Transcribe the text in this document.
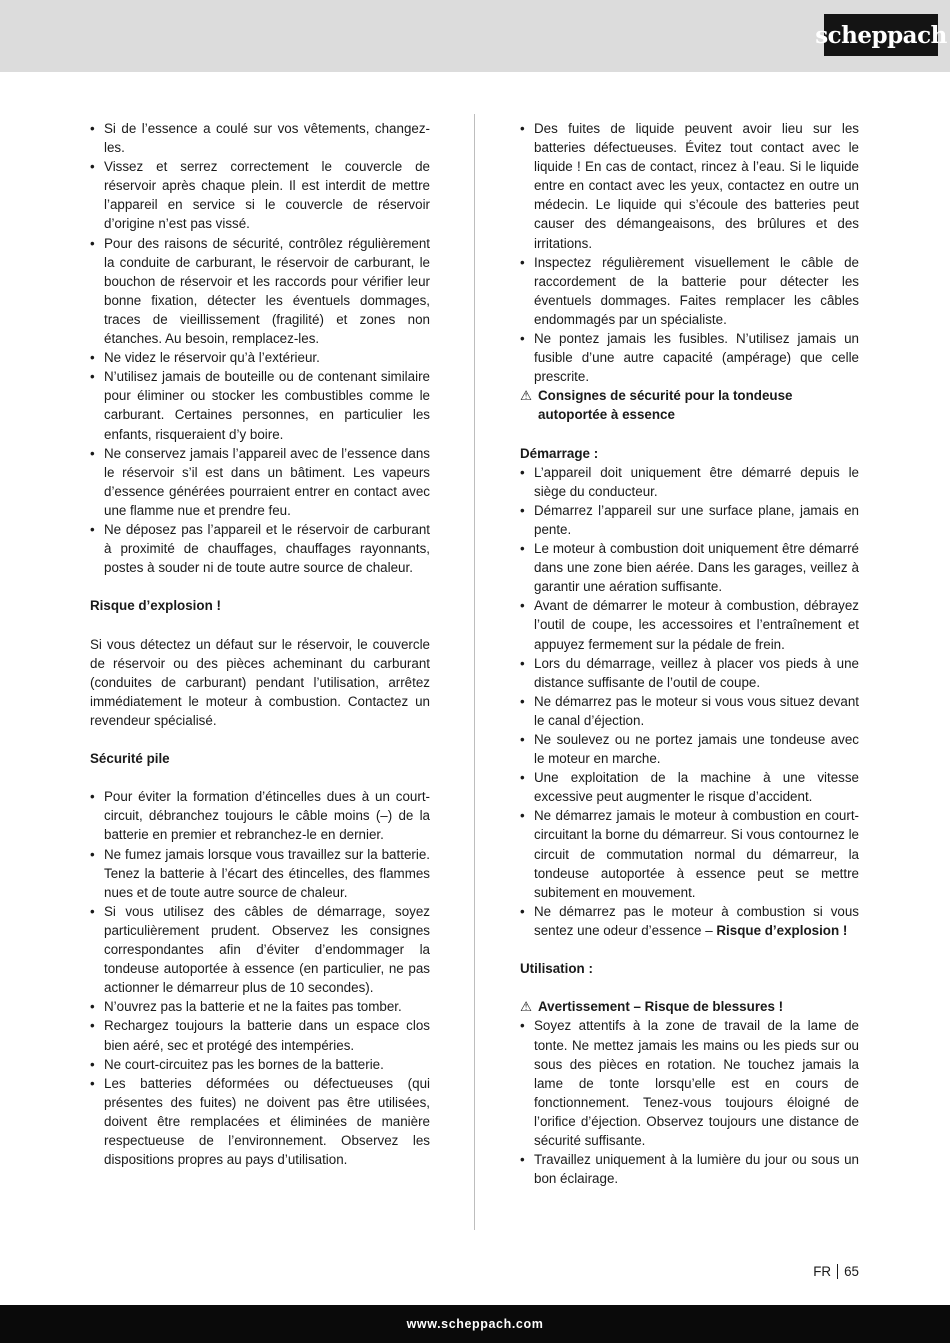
scheppach
• Si de l’essence a coulé sur vos vêtements, changez-les.
• Vissez et serrez correctement le couvercle de réservoir après chaque plein. Il est interdit de mettre l’appareil en service si le couvercle de réservoir d’origine n’est pas vissé.
• Pour des raisons de sécurité, contrôlez régulièrement la conduite de carburant, le réservoir de carburant, le bouchon de réservoir et les raccords pour vérifier leur bonne fixation, détecter les éventuels dommages, traces de vieillissement (fragilité) et zones non étanches. Au besoin, remplacez-les.
• Ne videz le réservoir qu’à l’extérieur.
• N’utilisez jamais de bouteille ou de contenant similaire pour éliminer ou stocker les combustibles comme le carburant. Certaines personnes, en particulier les enfants, risqueraient d’y boire.
• Ne conservez jamais l’appareil avec de l’essence dans le réservoir s’il est dans un bâtiment. Les vapeurs d’essence générées pourraient entrer en contact avec une flamme nue et prendre feu.
• Ne déposez pas l’appareil et le réservoir de carburant à proximité de chauffages, chauffages rayonnants, postes à souder ni de toute autre source de chaleur.

Risque d’explosion !

Si vous détectez un défaut sur le réservoir, le couvercle de réservoir ou des pièces acheminant du carburant (conduites de carburant) pendant l’utilisation, arrêtez immédiatement le moteur à combustion. Contactez un revendeur spécialisé.

Sécurité pile

• Pour éviter la formation d’étincelles dues à un court-circuit, débranchez toujours le câble moins (–) de la batterie en premier et rebranchez-le en dernier.
• Ne fumez jamais lorsque vous travaillez sur la batterie. Tenez la batterie à l’écart des étincelles, des flammes nues et de toute autre source de chaleur.
• Si vous utilisez des câbles de démarrage, soyez particulièrement prudent. Observez les consignes correspondantes afin d’éviter d’endommager la tondeuse autoportée à essence (en particulier, ne pas actionner le démarreur plus de 10 secondes).
• N’ouvrez pas la batterie et ne la faites pas tomber.
• Rechargez toujours la batterie dans un espace clos bien aéré, sec et protégé des intempéries.
• Ne court-circuitez pas les bornes de la batterie.
• Les batteries déformées ou défectueuses (qui présentes des fuites) ne doivent pas être utilisées, doivent être remplacées et éliminées de manière respectueuse de l’environnement. Observez les dispositions propres au pays d’utilisation.
• Des fuites de liquide peuvent avoir lieu sur les batteries défectueuses. Évitez tout contact avec le liquide ! En cas de contact, rincez à l’eau. Si le liquide entre en contact avec les yeux, contactez en outre un médecin. Le liquide qui s’écoule des batteries peut causer des démangeaisons, des brûlures et des irritations.
• Inspectez régulièrement visuellement le câble de raccordement de la batterie pour détecter les éventuels dommages. Faites remplacer les câbles endommagés par un spécialiste.
• Ne pontez jamais les fusibles. N’utilisez jamais un fusible d’une autre capacité (ampérage) que celle prescrite.

⚠ Consignes de sécurité pour la tondeuse autoportée à essence

Démarrage :

• L’appareil doit uniquement être démarré depuis le siège du conducteur.
• Démarrez l’appareil sur une surface plane, jamais en pente.
• Le moteur à combustion doit uniquement être démarré dans une zone bien aérée. Dans les garages, veillez à garantir une aération suffisante.
• Avant de démarrer le moteur à combustion, débrayez l’outil de coupe, les accessoires et l’entraînement et appuyez fermement sur la pédale de frein.
• Lors du démarrage, veillez à placer vos pieds à une distance suffisante de l’outil de coupe.
• Ne démarrez pas le moteur si vous vous situez devant le canal d’éjection.
• Ne soulevez ou ne portez jamais une tondeuse avec le moteur en marche.
• Une exploitation de la machine à une vitesse excessive peut augmenter le risque d’accident.
• Ne démarrez jamais le moteur à combustion en court-circuitant la borne du démarreur. Si vous contournez le circuit de commutation normal du démarreur, la tondeuse autoportée à essence peut se mettre subitement en mouvement.
• Ne démarrez pas le moteur à combustion si vous sentez une odeur d’essence – Risque d’explosion !

Utilisation :

⚠ Avertissement – Risque de blessures !

• Soyez attentifs à la zone de travail de la lame de tonte. Ne mettez jamais les mains ou les pieds sur ou sous des pièces en rotation. Ne touchez jamais la lame de tonte lorsqu’elle est en cours de fonctionnement. Tenez-vous toujours éloigné de l’orifice d’éjection. Observez toujours une distance de sécurité suffisante.
• Travaillez uniquement à la lumière du jour ou sous un bon éclairage.
FR 65
www.scheppach.com
